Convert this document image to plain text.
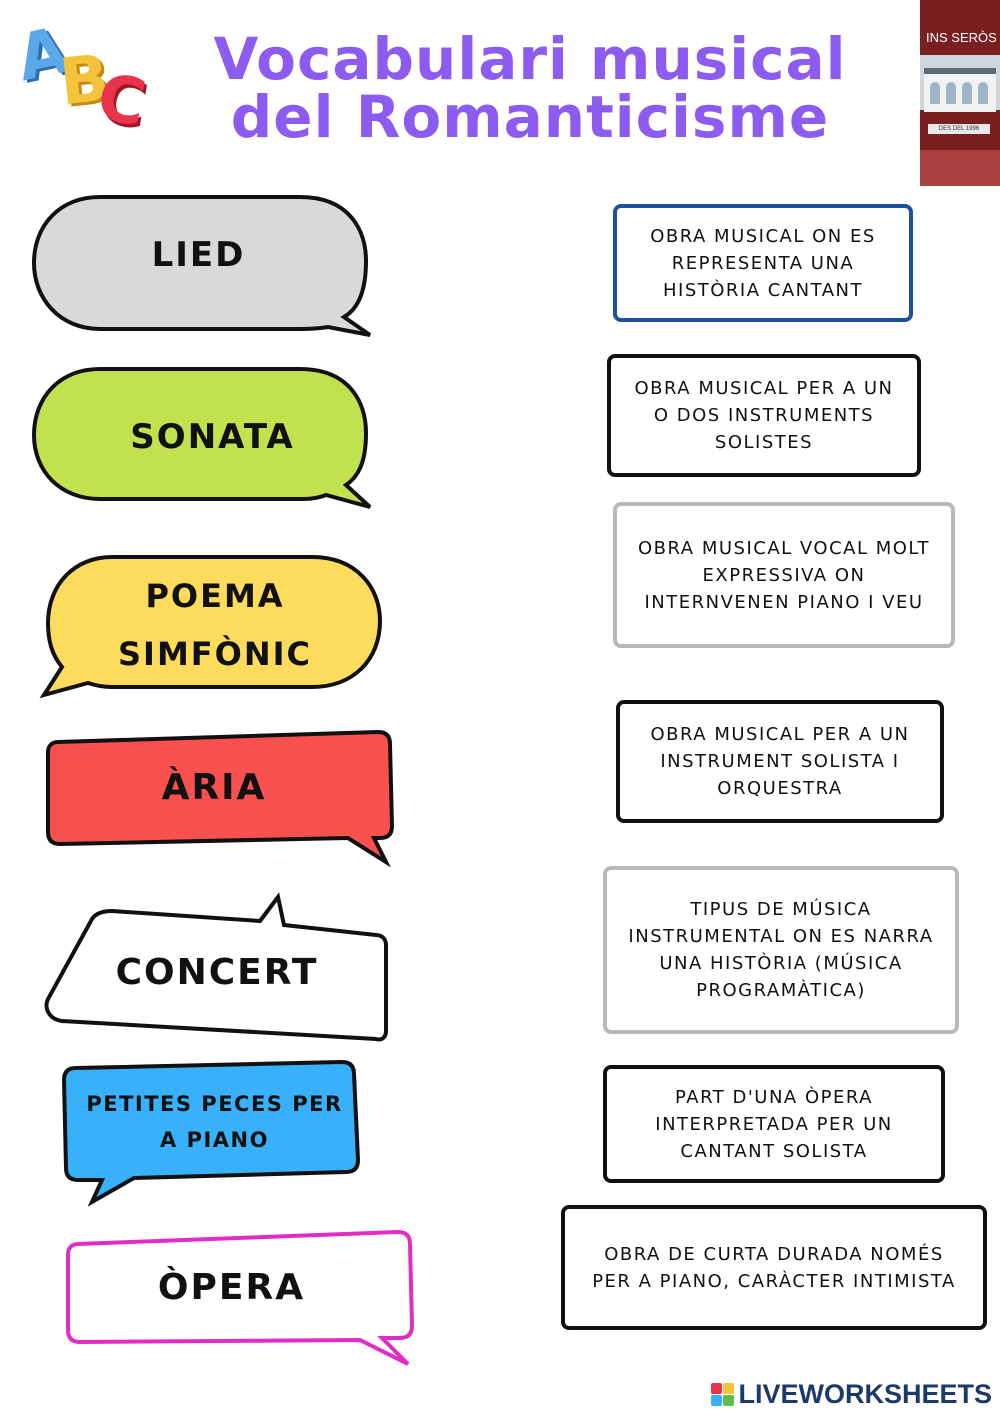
A
B
C
Vocabulari musical del Romanticisme
INS SERÒS
DES DEL 1996
LIED
SONATA
POEMA SIMFÒNIC
ÀRIA
CONCERT
PETITES PECES PER A PIANO
ÒPERA
OBRA MUSICAL ON ES REPRESENTA UNA HISTÒRIA CANTANT
OBRA MUSICAL PER A UN O DOS INSTRUMENTS SOLISTES
OBRA MUSICAL VOCAL MOLT EXPRESSIVA ON INTERNVENEN PIANO I VEU
OBRA MUSICAL PER A UN INSTRUMENT SOLISTA I ORQUESTRA
TIPUS DE MÚSICA INSTRUMENTAL ON ES NARRA UNA HISTÒRIA (MÚSICA PROGRAMÀTICA)
PART D'UNA ÒPERA INTERPRETADA PER UN CANTANT SOLISTA
OBRA DE CURTA DURADA NOMÉS PER A PIANO, CARÀCTER INTIMISTA
LIVEWORKSHEETS
